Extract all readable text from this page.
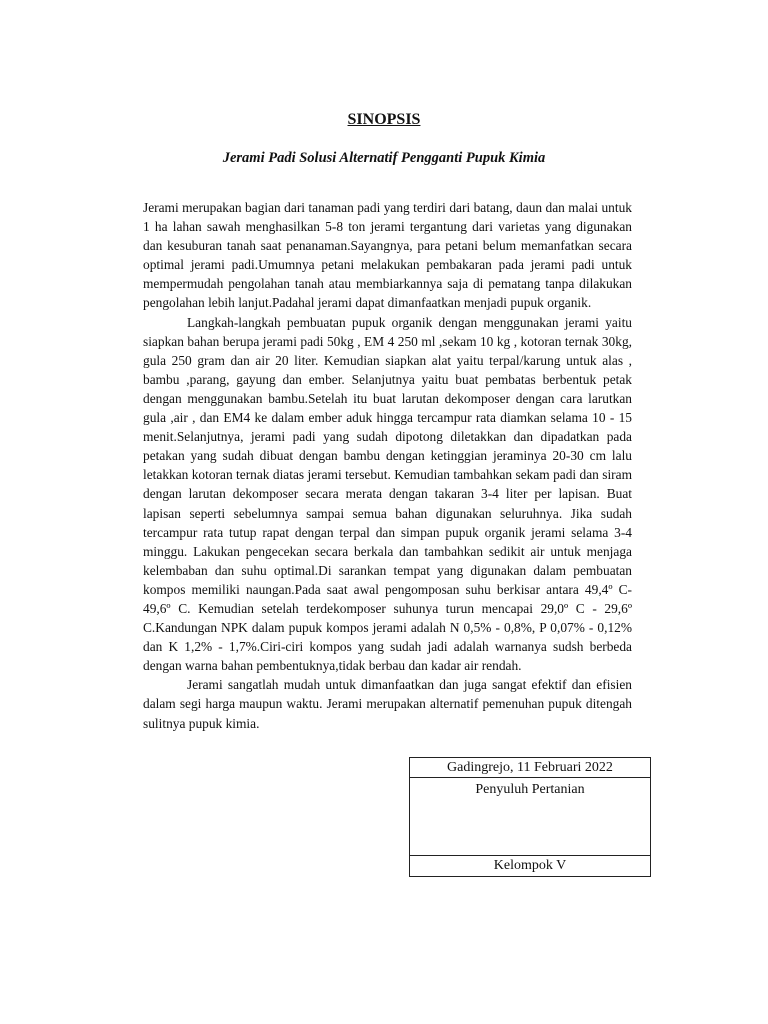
SINOPSIS
Jerami Padi Solusi Alternatif Pengganti Pupuk Kimia

Jerami merupakan bagian dari tanaman padi yang terdiri dari batang, daun dan malai untuk 1 ha lahan sawah menghasilkan 5-8 ton jerami tergantung dari varietas yang digunakan dan kesuburan tanah saat penanaman.Sayangnya, para petani belum memanfatkan secara optimal jerami padi.Umumnya petani melakukan pembakaran pada jerami padi untuk mempermudah pengolahan tanah atau membiarkannya saja di pematang tanpa dilakukan pengolahan lebih lanjut.Padahal jerami dapat dimanfaatkan menjadi pupuk organik.

Langkah-langkah pembuatan pupuk organik dengan menggunakan jerami yaitu siapkan bahan berupa jerami padi 50kg , EM 4 250 ml ,sekam 10 kg , kotoran ternak 30kg, gula 250 gram dan air 20 liter. Kemudian siapkan alat yaitu terpal/karung untuk alas , bambu ,parang, gayung dan ember. Selanjutnya yaitu buat pembatas berbentuk petak dengan menggunakan bambu.Setelah itu buat larutan dekomposer dengan cara larutkan gula ,air , dan EM4 ke dalam ember aduk hingga tercampur rata diamkan selama 10 - 15 menit.Selanjutnya, jerami padi yang sudah dipotong diletakkan dan dipadatkan pada petakan yang sudah dibuat dengan bambu dengan ketinggian jeraminya 20-30 cm lalu letakkan kotoran ternak diatas jerami tersebut. Kemudian tambahkan sekam padi dan siram dengan larutan dekomposer secara merata dengan takaran 3-4 liter per lapisan. Buat lapisan seperti sebelumnya sampai semua bahan digunakan seluruhnya. Jika sudah tercampur rata tutup rapat dengan terpal dan simpan pupuk organik jerami selama 3-4 minggu. Lakukan pengecekan secara berkala dan tambahkan sedikit air untuk menjaga kelembaban dan suhu optimal.Di sarankan tempat yang digunakan dalam pembuatan kompos memiliki naungan.Pada saat awal pengomposan suhu berkisar antara 49,4º C- 49,6º C. Kemudian setelah terdekomposer suhunya turun mencapai 29,0º C - 29,6º C.Kandungan NPK dalam pupuk kompos jerami adalah N 0,5% - 0,8%, P 0,07% - 0,12% dan K 1,2% - 1,7%.Ciri-ciri kompos yang sudah jadi adalah warnanya sudsh berbeda dengan warna bahan pembentuknya,tidak berbau dan kadar air rendah.

Jerami sangatlah mudah untuk dimanfaatkan dan juga sangat efektif dan efisien dalam segi harga maupun waktu. Jerami merupakan alternatif pemenuhan pupuk ditengah sulitnya pupuk kimia.

Gadingrejo, 11 Februari 2022
Penyuluh Pertanian
Kelompok V
